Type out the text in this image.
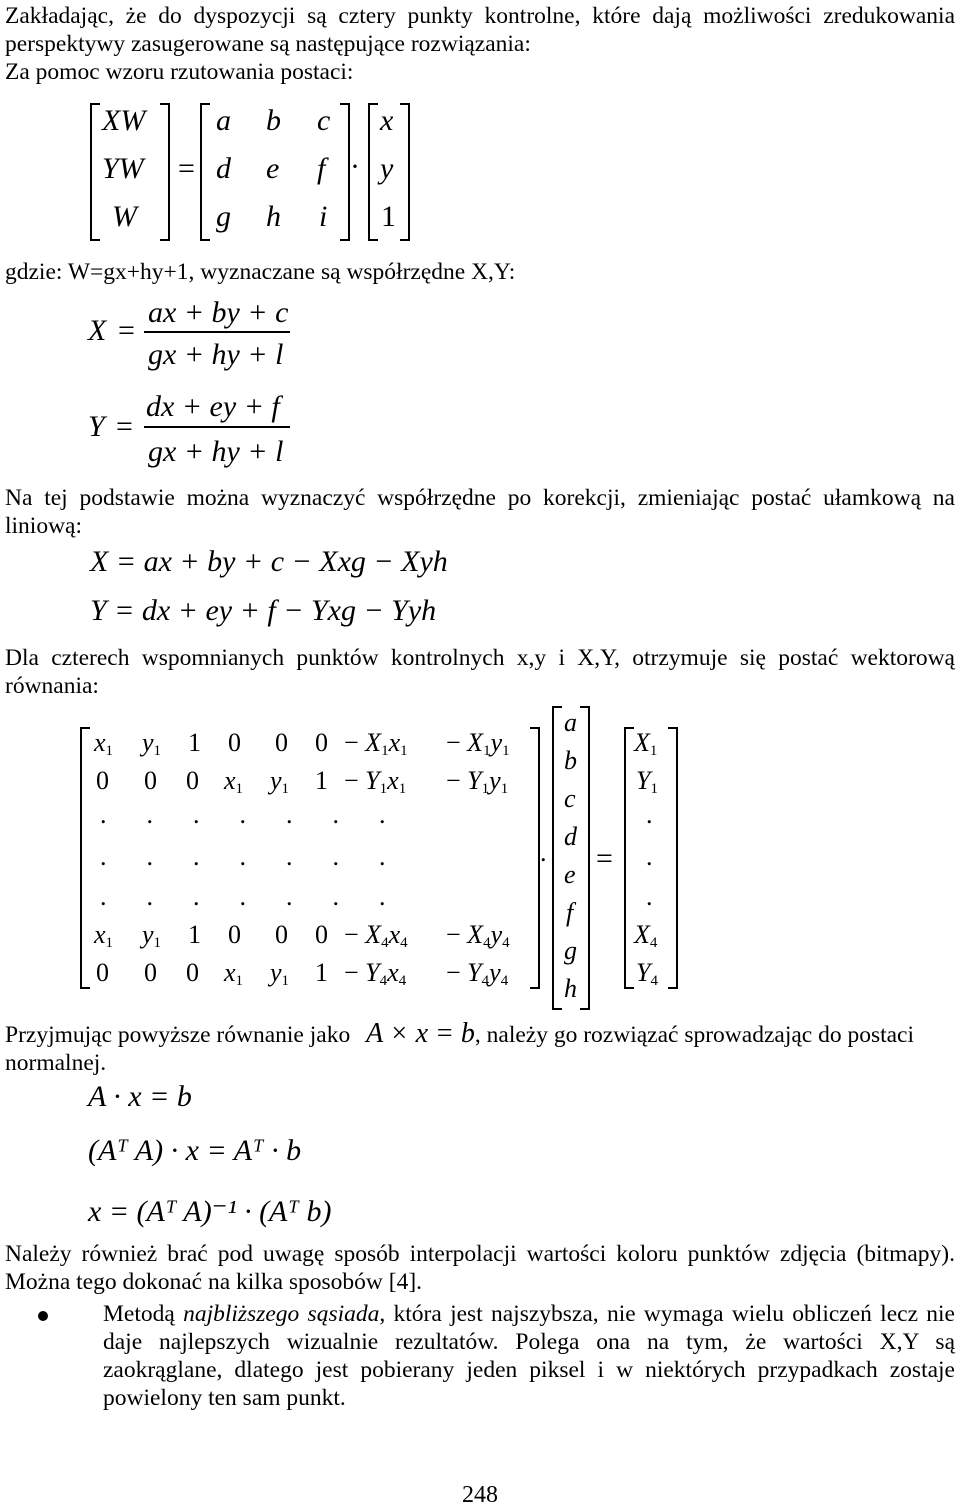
Zakładając, że do dyspozycji są cztery punkty kontrolne, które dają możliwości zredukowania perspektywy zasugerowane są następujące rozwiązania:
Za pomoc wzoru rzutowania postaci:
XW
YW
W
=
a b c
d e f
g h i
·
x
y
1
gdzie: W=gx+hy+1, wyznaczane są współrzędne X,Y:
X =
ax + by + c
gx + hy + l
Y =
dx + ey + f
gx + hy + l
Na tej podstawie można wyznaczyć współrzędne po korekcji, zmieniając postać ułamkową na liniową:
X = ax + by + c − Xxg − Xyh
Y = dx + ey + f − Yxg − Yyh
Dla czterech wspomnianych punktów kontrolnych x,y i X,Y, otrzymuje się postać wektorową równania:
$x_1$ $y_1$ 1 0 0 $0 - X_1x_1 - X_1y_1$
0 0 0 $x_1$ $y_1$ $1 - Y_1x_1 - Y_1y_1$
.......
.......
.......
$x_1$ $y_1$ 1 0 0 $0 - X_4x_4 - X_4y_4$
0 0 0 $x_1$ $y_1$ $1 - Y_4x_4 - Y_4y_4$
.
a
b
c
d
e
f
g
h
=
$X_1$
$Y_1$
.
.
.
$X_4$
$Y_4$
Przyjmując powyższe równanie jako A × x = b, należy go rozwiązać sprowadzając do postaci normalnej.
A · x = b
(Aᵀ A) · x = Aᵀ · b
x = (Aᵀ A)⁻¹ · (Aᵀ b)
Należy również brać pod uwagę sposób interpolacji wartości koloru punktów zdjęcia (bitmapy). Można tego dokonać na kilka sposobów [4].
Metodą najbliższego sąsiada, która jest najszybsza, nie wymaga wielu obliczeń lecz nie daje najlepszych wizualnie rezultatów. Polega ona na tym, że wartości X,Y są zaokrąglane, dlatego jest pobierany jeden piksel i w niektórych przypadkach zostaje powielony ten sam punkt.
248
